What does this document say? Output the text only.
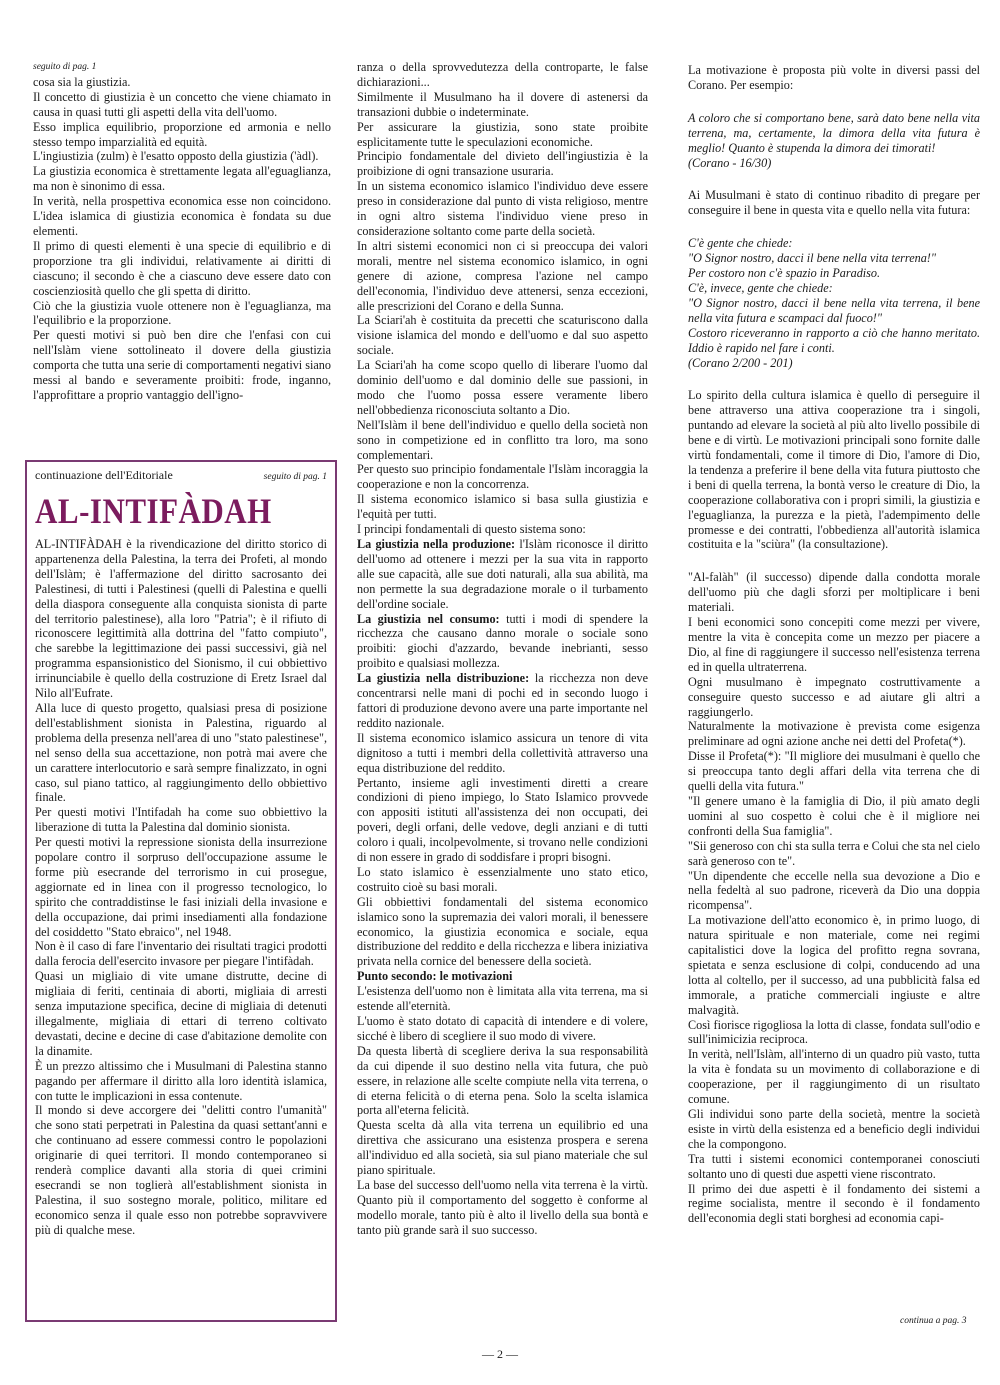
seguito di pag. 1

cosa sia la giustizia.

Il concetto di giustizia è un concetto che viene chiamato in causa in quasi tutti gli aspetti della vita dell'uomo.

Esso implica equilibrio, proporzione ed armonia e nello stesso tempo imparzialità ed equità.

L'ingiustizia (zulm) è l'esatto opposto della giustizia ('àdl).

La giustizia economica è strettamente legata all'eguaglianza, ma non è sinonimo di essa.

In verità, nella prospettiva economica esse non coincidono. L'idea islamica di giustizia economica è fondata su due elementi.

Il primo di questi elementi è una specie di equilibrio e di proporzione tra gli individui, relativamente ai diritti di ciascuno; il secondo è che a ciascuno deve essere dato con coscienziosità quello che gli spetta di diritto.

Ciò che la giustizia vuole ottenere non è l'eguaglianza, ma l'equilibrio e la proporzione.

Per questi motivi si può ben dire che l'enfasi con cui nell'Islàm viene sottolineato il dovere della giustizia comporta che tutta una serie di comportamenti negativi siano messi al bando e severamente proibiti: frode, inganno, l'approfittare a proprio vantaggio dell'igno-

continuazione dell'Editoriale	seguito di pag. 1
AL-INTIFÀDAH

AL-INTIFÀDAH è la rivendicazione del diritto storico di appartenenza della Palestina, la terra dei Profeti, al mondo dell'Islàm; è l'affermazione del diritto sacrosanto dei Palestinesi, di tutti i Palestinesi (quelli di Palestina e quelli della diaspora conseguente alla conquista sionista di parte del territorio palestinese), alla loro "Patria"; è il rifiuto di riconoscere legittimità alla dottrina del "fatto compiuto", che sarebbe la legittimazione dei passi successivi, già nel programma espansionistico del Sionismo, il cui obbiettivo irrinunciabile è quello della costruzione di Eretz Israel dal Nilo all'Eufrate.

Alla luce di questo progetto, qualsiasi presa di posizione dell'establishment sionista in Palestina, riguardo al problema della presenza nell'area di uno "stato palestinese", nel senso della sua accettazione, non potrà mai avere che un carattere interlocutorio e sarà sempre finalizzato, in ogni caso, sul piano tattico, al raggiungimento dello obbiettivo finale.

Per questi motivi l'Intifadah ha come suo obbiettivo la liberazione di tutta la Palestina dal dominio sionista.

Per questi motivi la repressione sionista della insurrezione popolare contro il sorpruso dell'occupazione assume le forme più esecrande del terrorismo in cui prosegue, aggiornate ed in linea con il progresso tecnologico, lo spirito che contraddistinse le fasi iniziali della invasione e della occupazione, dai primi insediamenti alla fondazione del cosiddetto "Stato ebraico", nel 1948.

Non è il caso di fare l'inventario dei risultati tragici prodotti dalla ferocia dell'esercito invasore per piegare l'intifàdah.

Quasi un migliaio di vite umane distrutte, decine di migliaia di feriti, centinaia di aborti, migliaia di arresti senza imputazione specifica, decine di migliaia di detenuti illegalmente, migliaia di ettari di terreno coltivato devastati, decine e decine di case d'abitazione demolite con la dinamite.

È un prezzo altissimo che i Musulmani di Palestina stanno pagando per affermare il diritto alla loro identità islamica, con tutte le implicazioni in essa contenute.

Il mondo si deve accorgere dei "delitti contro l'umanità" che sono stati perpetrati in Palestina da quasi settant'anni e che continuano ad essere commessi contro le popolazioni originarie di quei territori. Il mondo contemporaneo si renderà complice davanti alla storia di quei crimini esecrandi se non toglierà all'establishment sionista in Palestina, il suo sostegno morale, politico, militare ed economico senza il quale esso non potrebbe sopravvivere più di qualche mese.

ranza o della sprovvedutezza della controparte, le false dichiarazioni...

Similmente il Musulmano ha il dovere di astenersi da transazioni dubbie o indeterminate.

Per assicurare la giustizia, sono state proibite esplicitamente tutte le speculazioni economiche.

Principio fondamentale del divieto dell'ingiustizia è la proibizione di ogni transazione usuraria.

In un sistema economico islamico l'individuo deve essere preso in considerazione dal punto di vista religioso, mentre in ogni altro sistema l'individuo viene preso in considerazione soltanto come parte della società.

In altri sistemi economici non ci si preoccupa dei valori morali, mentre nel sistema economico islamico, in ogni genere di azione, compresa l'azione nel campo dell'economia, l'individuo deve attenersi, senza eccezioni, alle prescrizioni del Corano e della Sunna.

La Sciari'ah è costituita da precetti che scaturiscono dalla visione islamica del mondo e dell'uomo e dal suo aspetto sociale.

La Sciari'ah ha come scopo quello di liberare l'uomo dal dominio dell'uomo e dal dominio delle sue passioni, in modo che l'uomo possa essere veramente libero nell'obbedienza riconosciuta soltanto a Dio.

Nell'Islàm il bene dell'individuo e quello della società non sono in competizione ed in conflitto tra loro, ma sono complementari.

Per questo suo principio fondamentale l'Islàm incoraggia la cooperazione e non la concorrenza.

Il sistema economico islamico si basa sulla giustizia e l'equità per tutti.

I principi fondamentali di questo sistema sono:

La giustizia nella produzione: l'Islàm riconosce il diritto dell'uomo ad ottenere i mezzi per la sua vita in rapporto alle sue capacità, alle sue doti naturali, alla sua abilità, ma non permette la sua degradazione morale o il turbamento dell'ordine sociale.

La giustizia nel consumo: tutti i modi di spendere la ricchezza che causano danno morale o sociale sono proibiti: giochi d'azzardo, bevande inebrianti, sesso proibito e qualsiasi mollezza.

La giustizia nella distribuzione: la ricchezza non deve concentrarsi nelle mani di pochi ed in secondo luogo i fattori di produzione devono avere una parte importante nel reddito nazionale.

Il sistema economico islamico assicura un tenore di vita dignitoso a tutti i membri della collettività attraverso una equa distribuzione del reddito.

Pertanto, insieme agli investimenti diretti a creare condizioni di pieno impiego, lo Stato Islamico provvede con appositi istituti all'assistenza dei non occupati, dei poveri, degli orfani, delle vedove, degli anziani e di tutti coloro i quali, incolpevolmente, si trovano nelle condizioni di non essere in grado di soddisfare i propri bisogni.

Lo stato islamico è essenzialmente uno stato etico, costruito cioè su basi morali.

Gli obbiettivi fondamentali del sistema economico islamico sono la supremazia dei valori morali, il benessere economico, la giustizia economica e sociale, equa distribuzione del reddito e della ricchezza e libera iniziativa privata nella cornice del benessere della società.

Punto secondo: le motivazioni

L'esistenza dell'uomo non è limitata alla vita terrena, ma si estende all'eternità.

L'uomo è stato dotato di capacità di intendere e di volere, sicché è libero di scegliere il suo modo di vivere.

Da questa libertà di scegliere deriva la sua responsabilità da cui dipende il suo destino nella vita futura, che può essere, in relazione alle scelte compiute nella vita terrena, o di eterna felicità o di eterna pena. Solo la scelta islamica porta all'eterna felicità.

Questa scelta dà alla vita terrena un equilibrio ed una direttiva che assicurano una esistenza prospera e serena all'individuo ed alla società, sia sul piano materiale che sul piano spirituale.

La base del successo dell'uomo nella vita terrena è la virtù. Quanto più il comportamento del soggetto è conforme al modello morale, tanto più è alto il livello della sua bontà e tanto più grande sarà il suo successo.

La motivazione è proposta più volte in diversi passi del Corano. Per esempio:

A coloro che si comportano bene, sarà dato bene nella vita terrena, ma, certamente, la dimora della vita futura è meglio! Quanto è stupenda la dimora dei timorati!

(Corano - 16/30)

Ai Musulmani è stato di continuo ribadito di pregare per conseguire il bene in questa vita e quello nella vita futura:

C'è gente che chiede:

"O Signor nostro, dacci il bene nella vita terrena!"

Per costoro non c'è spazio in Paradiso.

C'è, invece, gente che chiede:

"O Signor nostro, dacci il bene nella vita terrena, il bene nella vita futura e scampaci dal fuoco!"

Costoro riceveranno in rapporto a ciò che hanno meritato. Iddio è rapido nel fare i conti.

(Corano 2/200 - 201)

Lo spirito della cultura islamica è quello di perseguire il bene attraverso una attiva cooperazione tra i singoli, puntando ad elevare la società al più alto livello possibile di bene e di virtù. Le motivazioni principali sono fornite dalle virtù fondamentali, come il timore di Dio, l'amore di Dio, la tendenza a preferire il bene della vita futura piuttosto che i beni di quella terrena, la bontà verso le creature di Dio, la cooperazione collaborativa con i propri simili, la giustizia e l'eguaglianza, la purezza e la pietà, l'adempimento delle promesse e dei contratti, l'obbedienza all'autorità islamica costituita e la "sciùra" (la consultazione).

"Al-falàh" (il successo) dipende dalla condotta morale dell'uomo più che dagli sforzi per moltiplicare i beni materiali.

I beni economici sono concepiti come mezzi per vivere, mentre la vita è concepita come un mezzo per piacere a Dio, al fine di raggiungere il successo nell'esistenza terrena ed in quella ultraterrena.

Ogni musulmano è impegnato costruttivamente a conseguire questo successo e ad aiutare gli altri a raggiungerlo.

Naturalmente la motivazione è prevista come esigenza preliminare ad ogni azione anche nei detti del Profeta(*).

Disse il Profeta(*): "Il migliore dei musulmani è quello che si preoccupa tanto degli affari della vita terrena che di quelli della vita futura."

"Il genere umano è la famiglia di Dio, il più amato degli uomini al suo cospetto è colui che è il migliore nei confronti della Sua famiglia".

"Sii generoso con chi sta sulla terra e Colui che sta nel cielo sarà generoso con te".

"Un dipendente che eccelle nella sua devozione a Dio e nella fedeltà al suo padrone, riceverà da Dio una doppia ricompensa".

La motivazione dell'atto economico è, in primo luogo, di natura spirituale e non materiale, come nei regimi capitalistici dove la logica del profitto regna sovrana, spietata e senza esclusione di colpi, conducendo ad una lotta al coltello, per il successo, ad una pubblicità falsa ed immorale, a pratiche commerciali ingiuste e altre malvagità.

Così fiorisce rigogliosa la lotta di classe, fondata sull'odio e sull'inimicizia reciproca.

In verità, nell'Islàm, all'interno di un quadro più vasto, tutta la vita è fondata su un movimento di collaborazione e di cooperazione, per il raggiungimento di un risultato comune.

Gli individui sono parte della società, mentre la società esiste in virtù della esistenza ed a beneficio degli individui che la compongono.

Tra tutti i sistemi economici contemporanei conosciuti soltanto uno di questi due aspetti viene riscontrato.

Il primo dei due aspetti è il fondamento dei sistemi a regime socialista, mentre il secondo è il fondamento dell'economia degli stati borghesi ad economia capi-

continua a pag. 3
— 2 —
